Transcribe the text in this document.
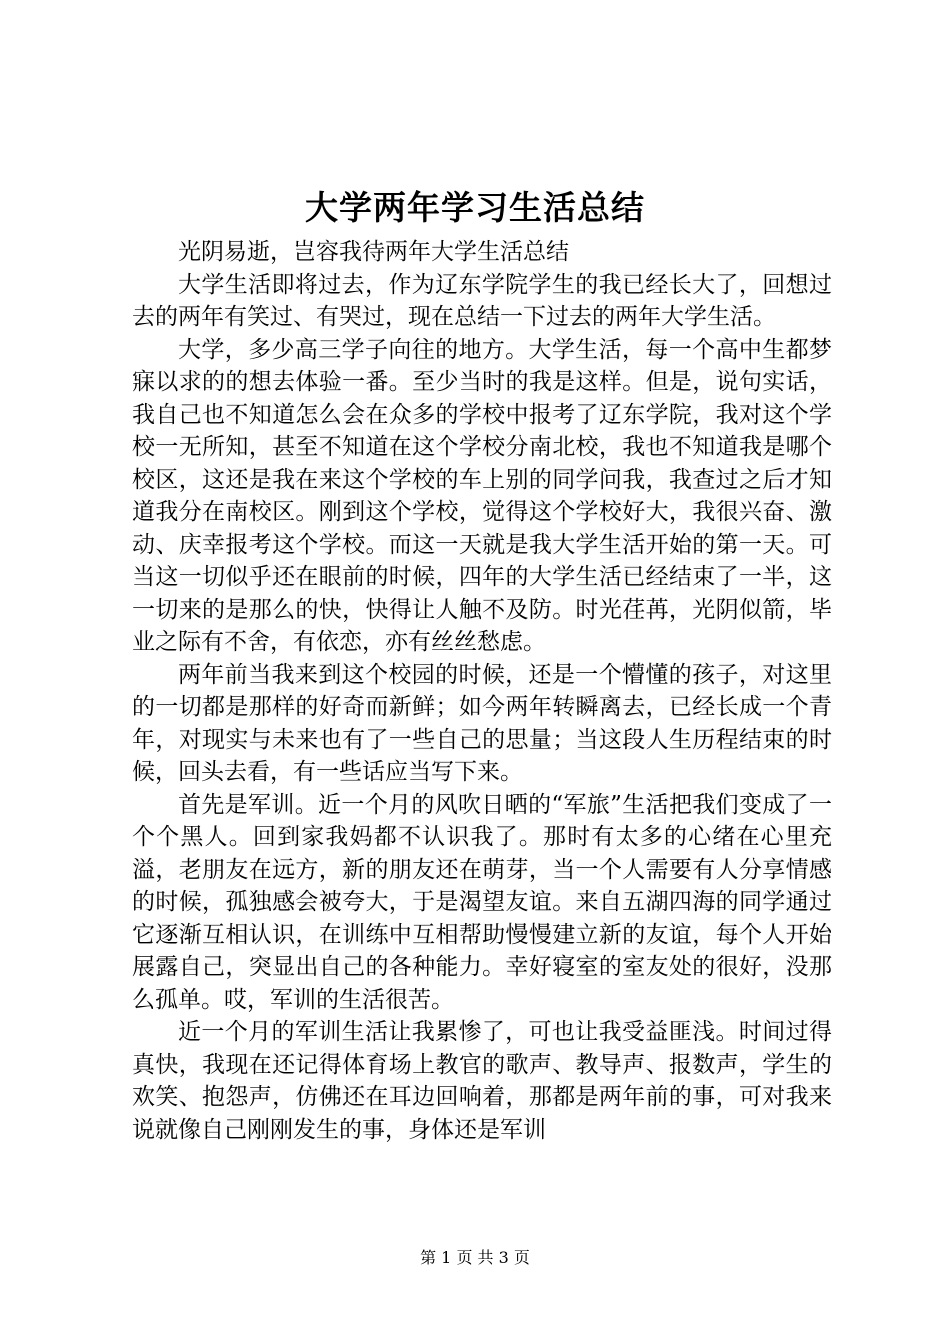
大学两年学习生活总结

光阴易逝，岂容我待两年大学生活总结

大学生活即将过去，作为辽东学院学生的我已经长大了，回想过去的两年有笑过、有哭过，现在总结一下过去的两年大学生活。

大学，多少高三学子向往的地方。大学生活，每一个高中生都梦寐以求的的想去体验一番。至少当时的我是这样。但是，说句实话，我自己也不知道怎么会在众多的学校中报考了辽东学院，我对这个学校一无所知，甚至不知道在这个学校分南北校，我也不知道我是哪个校区，这还是我在来这个学校的车上别的同学问我，我查过之后才知道我分在南校区。刚到这个学校，觉得这个学校好大，我很兴奋、激动、庆幸报考这个学校。而这一天就是我大学生活开始的第一天。可当这一切似乎还在眼前的时候，四年的大学生活已经结束了一半，这一切来的是那么的快，快得让人触不及防。时光荏苒，光阴似箭，毕业之际有不舍，有依恋，亦有丝丝愁虑。

两年前当我来到这个校园的时候，还是一个懵懂的孩子，对这里的一切都是那样的好奇而新鲜；如今两年转瞬离去，已经长成一个青年，对现实与未来也有了一些自己的思量；当这段人生历程结束的时候，回头去看，有一些话应当写下来。

首先是军训。近一个月的风吹日晒的“军旅”生活把我们变成了一个个黑人。回到家我妈都不认识我了。那时有太多的心绪在心里充溢，老朋友在远方，新的朋友还在萌芽，当一个人需要有人分享情感的时候，孤独感会被夸大，于是渴望友谊。来自五湖四海的同学通过它逐渐互相认识，在训练中互相帮助慢慢建立新的友谊，每个人开始展露自己，突显出自己的各种能力。幸好寝室的室友处的很好，没那么孤单。哎，军训的生活很苦。

近一个月的军训生活让我累惨了，可也让我受益匪浅。时间过得真快，我现在还记得体育场上教官的歌声、教导声、报数声，学生的欢笑、抱怨声，仿佛还在耳边回响着，那都是两年前的事，可对我来说就像自己刚刚发生的事，身体还是军训

第 1 页 共 3 页
